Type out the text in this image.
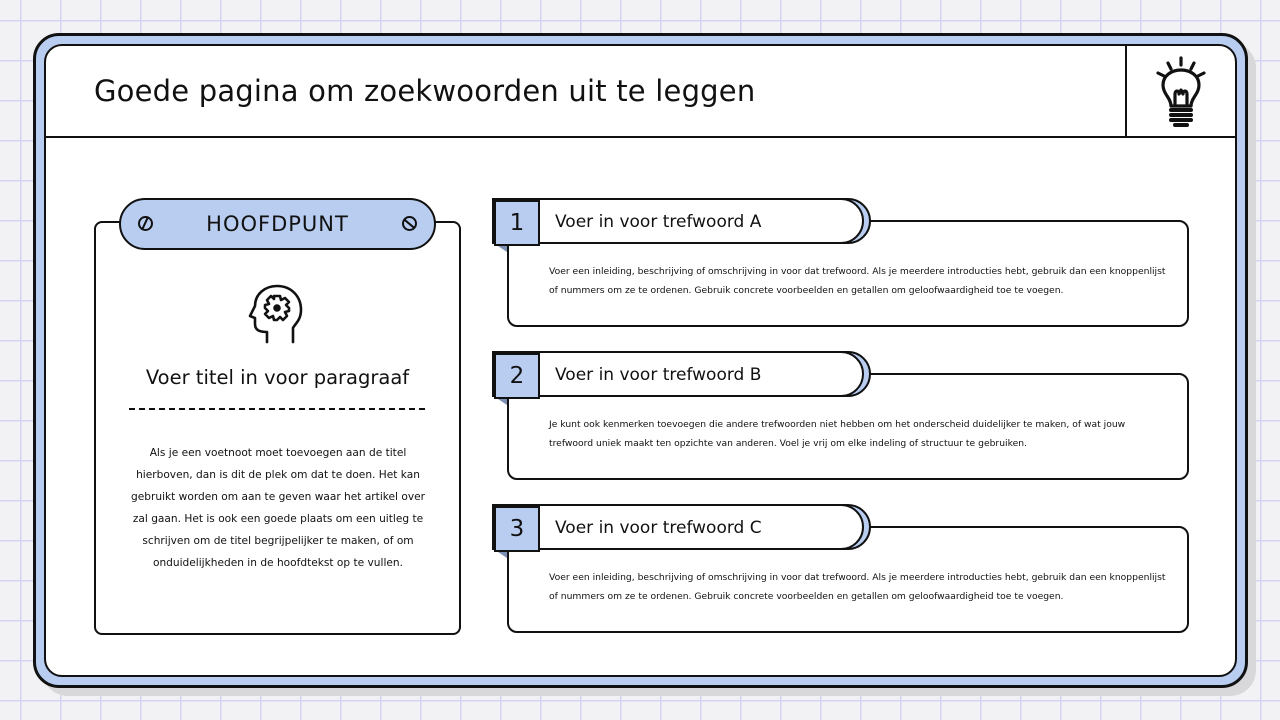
Goede pagina om zoekwoorden uit te leggen
HOOFDPUNT
Voer titel in voor paragraaf

Als je een voetnoot moet toevoegen aan de titel hierboven, dan is dit de plek om dat te doen. Het kan gebruikt worden om aan te geven waar het artikel over zal gaan. Het is ook een goede plaats om een uitleg te schrijven om de titel begrijpelijker te maken, of om onduidelijkheden in de hoofdtekst op te vullen.

Voer een inleiding, beschrijving of omschrijving in voor dat trefwoord. Als je meerdere introducties hebt, gebruik dan een knoppenlijst of nummers om ze te ordenen. Gebruik concrete voorbeelden en getallen om geloofwaardigheid toe te voegen.

1	Voer in voor trefwoord A

Je kunt ook kenmerken toevoegen die andere trefwoorden niet hebben om het onderscheid duidelijker te maken, of wat jouw trefwoord uniek maakt ten opzichte van anderen. Voel je vrij om elke indeling of structuur te gebruiken.

2	Voer in voor trefwoord B

Voer een inleiding, beschrijving of omschrijving in voor dat trefwoord. Als je meerdere introducties hebt, gebruik dan een knoppenlijst of nummers om ze te ordenen. Gebruik concrete voorbeelden en getallen om geloofwaardigheid toe te voegen.

3	Voer in voor trefwoord C
